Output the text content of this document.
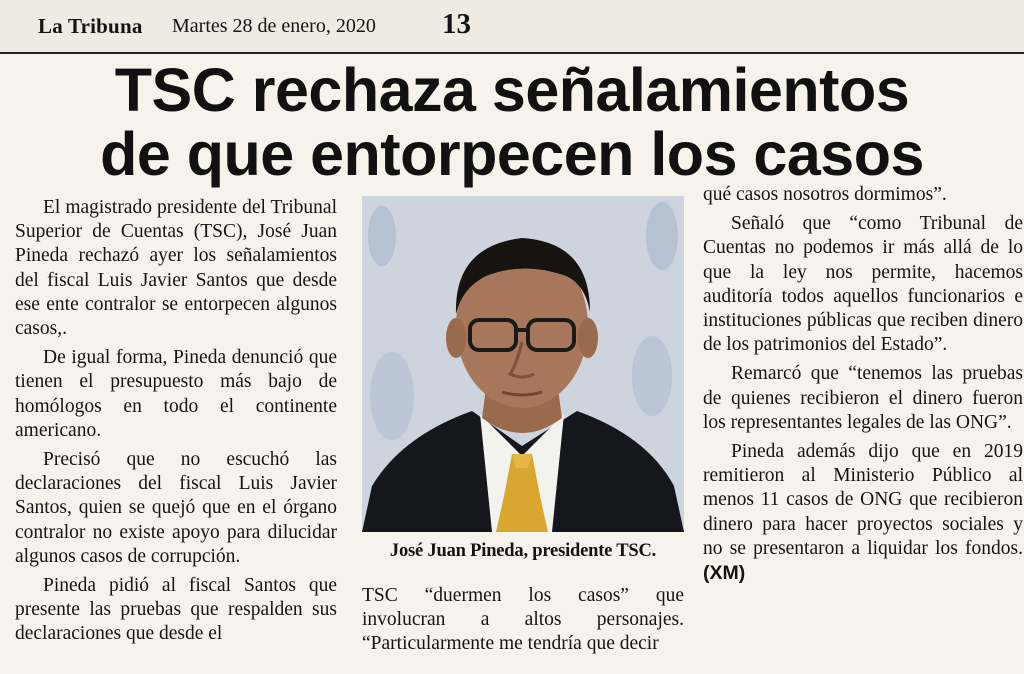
La Tribuna Martes 28 de enero, 2020 13
TSC rechaza señalamientos
de que entorpecen los casos

El magistrado presidente del Tribunal Superior de Cuentas (TSC), José Juan Pineda rechazó ayer los señalamientos del fiscal Luis Javier Santos que desde ese ente contralor se entorpecen algunos casos,.

De igual forma, Pineda denunció que tienen el presupuesto más bajo de homólogos en todo el continente americano.

Precisó que no escuchó las declaraciones del fiscal Luis Javier Santos, quien se quejó que en el órgano contralor no existe apoyo para dilucidar algunos casos de corrupción.

Pineda pidió al fiscal Santos que presente las pruebas que respalden sus declaraciones que desde el

José Juan Pineda, presidente TSC.

TSC “duermen los casos” que involucran a altos personajes. “Particularmente me tendría que decir

qué casos nosotros dormimos”.

Señaló que “como Tribunal de Cuentas no podemos ir más allá de lo que la ley nos permite, hacemos auditoría todos aquellos funcionarios e instituciones públicas que reciben dinero de los patrimonios del Estado”.

Remarcó que “tenemos las pruebas de quienes recibieron el dinero fueron los representantes legales de las ONG”.

Pineda además dijo que en 2019 remitieron al Ministerio Público al menos 11 casos de ONG que recibieron dinero para hacer proyectos sociales y no se presentaron a liquidar los fondos. (XM)
